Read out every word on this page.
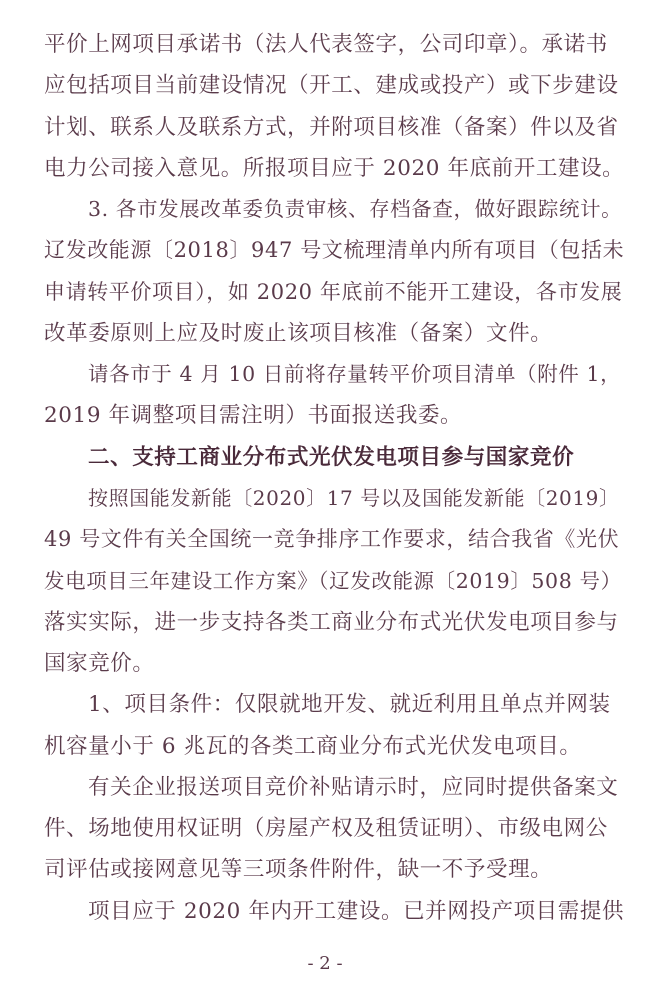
平价上网项目承诺书（法人代表签字，公司印章）。承诺书
应包括项目当前建设情况（开工、建成或投产）或下步建设
计划、联系人及联系方式，并附项目核准（备案）件以及省
电力公司接入意见。所报项目应于 2020 年底前开工建设。
3. 各市发展改革委负责审核、存档备查，做好跟踪统计。
辽发改能源〔2018〕947 号文梳理清单内所有项目（包括未
申请转平价项目），如 2020 年底前不能开工建设，各市发展
改革委原则上应及时废止该项目核准（备案）文件。
请各市于 4 月 10 日前将存量转平价项目清单（附件 1，
2019 年调整项目需注明）书面报送我委。
二、支持工商业分布式光伏发电项目参与国家竞价
按照国能发新能〔2020〕17 号以及国能发新能〔2019〕
49 号文件有关全国统一竞争排序工作要求，结合我省《光伏
发电项目三年建设工作方案》（辽发改能源〔2019〕508 号）
落实实际，进一步支持各类工商业分布式光伏发电项目参与
国家竞价。
1、项目条件：仅限就地开发、就近利用且单点并网装
机容量小于 6 兆瓦的各类工商业分布式光伏发电项目。
有关企业报送项目竞价补贴请示时，应同时提供备案文
件、场地使用权证明（房屋产权及租赁证明）、市级电网公
司评估或接网意见等三项条件附件，缺一不予受理。
项目应于 2020 年内开工建设。已并网投产项目需提供
- 2 -
